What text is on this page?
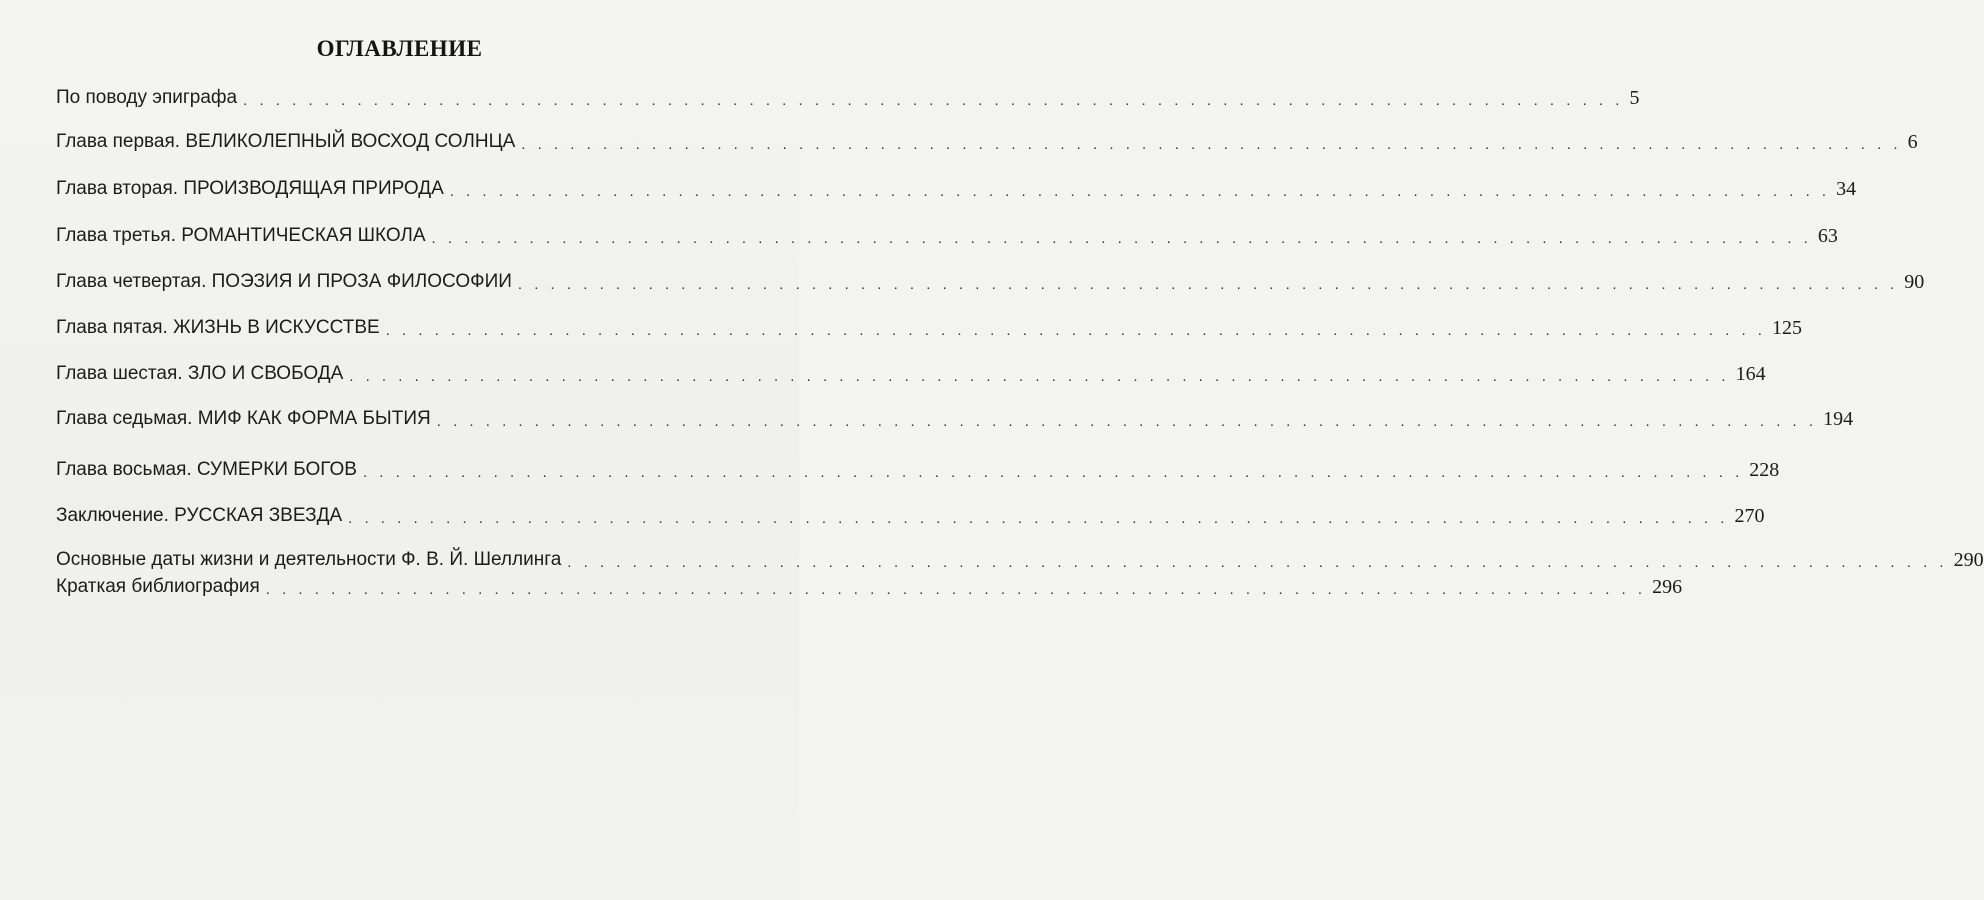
ОГЛАВЛЕНИЕ
По поводу эпиграфа . . . . . . . . . . . . . . . . . . . . . . . . . . . . . . . . . . . . . . . . . . . . . . . . . . . . . . . . . . . . . . . . . . . . . . . . . . . . . . . . . . . . . 5
Глава первая. ВЕЛИКОЛЕПНЫЙ ВОСХОД СОЛНЦА . . . . . . . . . . . . . . . . . . . . . . . . . . . . . . . . . . . . . . . . . . . . . . . . . . . . . . . . . . . . . . . . . . . . . . . . . . . . . . . . . . . . . 6
Глава вторая. ПРОИЗВОДЯЩАЯ ПРИРОДА . . . . . . . . . . . . . . . . . . . . . . . . . . . . . . . . . . . . . . . . . . . . . . . . . . . . . . . . . . . . . . . . . . . . . . . . . . . . . . . . . . . . . 34
Глава третья. РОМАНТИЧЕСКАЯ ШКОЛА . . . . . . . . . . . . . . . . . . . . . . . . . . . . . . . . . . . . . . . . . . . . . . . . . . . . . . . . . . . . . . . . . . . . . . . . . . . . . . . . . . . . . 63
Глава четвертая. ПОЭЗИЯ И ПРОЗА ФИЛОСОФИИ . . . . . . . . . . . . . . . . . . . . . . . . . . . . . . . . . . . . . . . . . . . . . . . . . . . . . . . . . . . . . . . . . . . . . . . . . . . . . . . . . . . . . 90
Глава пятая. ЖИЗНЬ В ИСКУССТВЕ . . . . . . . . . . . . . . . . . . . . . . . . . . . . . . . . . . . . . . . . . . . . . . . . . . . . . . . . . . . . . . . . . . . . . . . . . . . . . . . . . . . . . 125
Глава шестая. ЗЛО И СВОБОДА . . . . . . . . . . . . . . . . . . . . . . . . . . . . . . . . . . . . . . . . . . . . . . . . . . . . . . . . . . . . . . . . . . . . . . . . . . . . . . . . . . . . . 164
Глава седьмая. МИФ КАК ФОРМА БЫТИЯ . . . . . . . . . . . . . . . . . . . . . . . . . . . . . . . . . . . . . . . . . . . . . . . . . . . . . . . . . . . . . . . . . . . . . . . . . . . . . . . . . . . . . 194
Глава восьмая. СУМЕРКИ БОГОВ . . . . . . . . . . . . . . . . . . . . . . . . . . . . . . . . . . . . . . . . . . . . . . . . . . . . . . . . . . . . . . . . . . . . . . . . . . . . . . . . . . . . . 228
Заключение. РУССКАЯ ЗВЕЗДА . . . . . . . . . . . . . . . . . . . . . . . . . . . . . . . . . . . . . . . . . . . . . . . . . . . . . . . . . . . . . . . . . . . . . . . . . . . . . . . . . . . . . 270
Основные даты жизни и деятельности Ф. В. Й. Шеллинга . . . . . . . . . . . . . . . . . . . . . . . . . . . . . . . . . . . . . . . . . . . . . . . . . . . . . . . . . . . . . . . . . . . . . . . . . . . . . . . . . . . . . 290
Краткая библиография . . . . . . . . . . . . . . . . . . . . . . . . . . . . . . . . . . . . . . . . . . . . . . . . . . . . . . . . . . . . . . . . . . . . . . . . . . . . . . . . . . . . . 296
